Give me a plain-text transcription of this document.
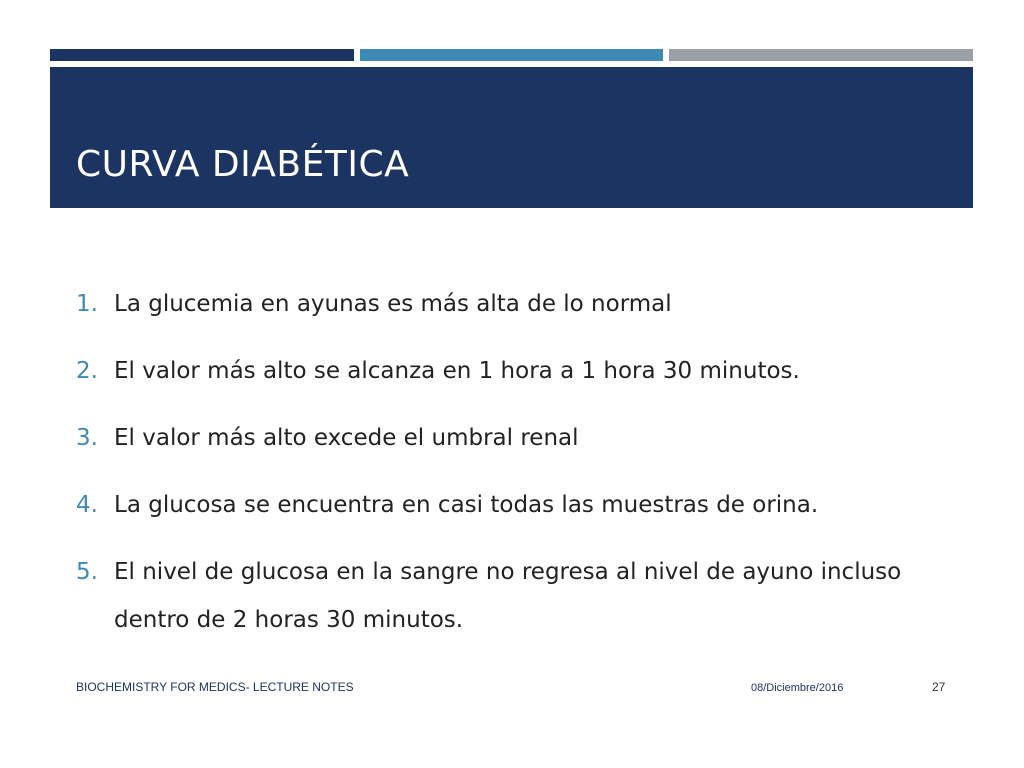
CURVA DIABÉTICA
1. La glucemia en ayunas es más alta de lo normal
2. El valor más alto se alcanza en 1 hora a 1 hora 30 minutos.
3. El valor más alto excede el umbral renal
4. La glucosa se encuentra en casi todas las muestras de orina.
5. El nivel de glucosa en la sangre no regresa al nivel de ayuno incluso dentro de 2 horas 30 minutos.
BIOCHEMISTRY FOR MEDICS- LECTURE NOTES	08/Diciembre/2016	27
